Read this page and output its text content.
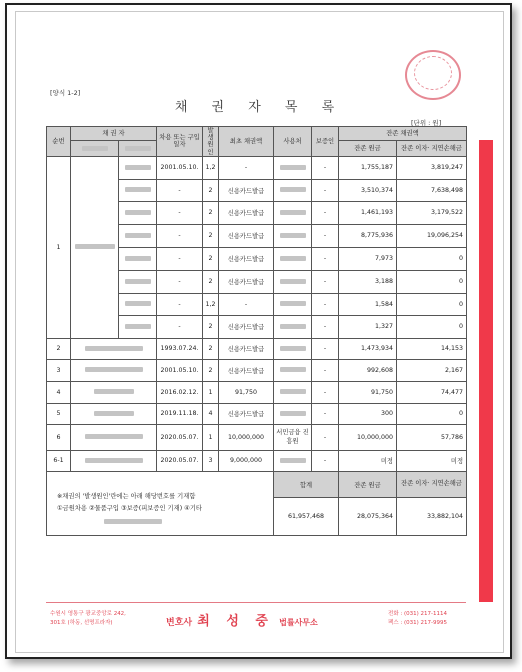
[양식 1-2]
채 권 자 목 록
[단위 : 원]
순번	채 권 자		차용 또는 구입일자	발생 원인	최초 채권액	사용처	보증인	잔존 채권액	
								잔존 원금	잔존 이자· 지연손해금
1			2001.05.10.	1,2	-		-	1,755,187	3,819,247
			-	2	신용카드발급		-	3,510,374	7,638,498
			-	2	신용카드발급		-	1,461,193	3,179,522
			-	2	신용카드발급		-	8,775,936	19,096,254
			-	2	신용카드발급		-	7,973	0
			-	2	신용카드발급		-	3,188	0
			-	1,2	-		-	1,584	0
			-	2	신용카드발급		-	1,327	0
2			1993.07.24.	2	신용카드발급		-	1,473,934	14,153
3			2001.05.10.	2	신용카드발급		-	992,608	2,167
4			2016.02.12.	1	91,750		-	91,750	74,477
5			2019.11.18.	4	신용카드발급		-	300	0
6			2020.05.07.	1	10,000,000	서민금융 진흥원	-	10,000,000	57,786
6-1			2020.05.07.	3	9,000,000		-	미정	미정

※채권의 '발생원인'란에는 아래 해당번호를 기재함
①금원차용 ②물품구입 ③보증(피보증인 기재) ④기타						합계		잔존 원금	잔존 이자· 지연손해금
						61,957,468		28,075,364	33,882,104
수원시 영통구 광교중앙로 242,
301호 (하동, 선명프라자)	변호사 최 성 중 법률사무소
전화 : (031) 217-1114
팩스 : (031) 217-9995
